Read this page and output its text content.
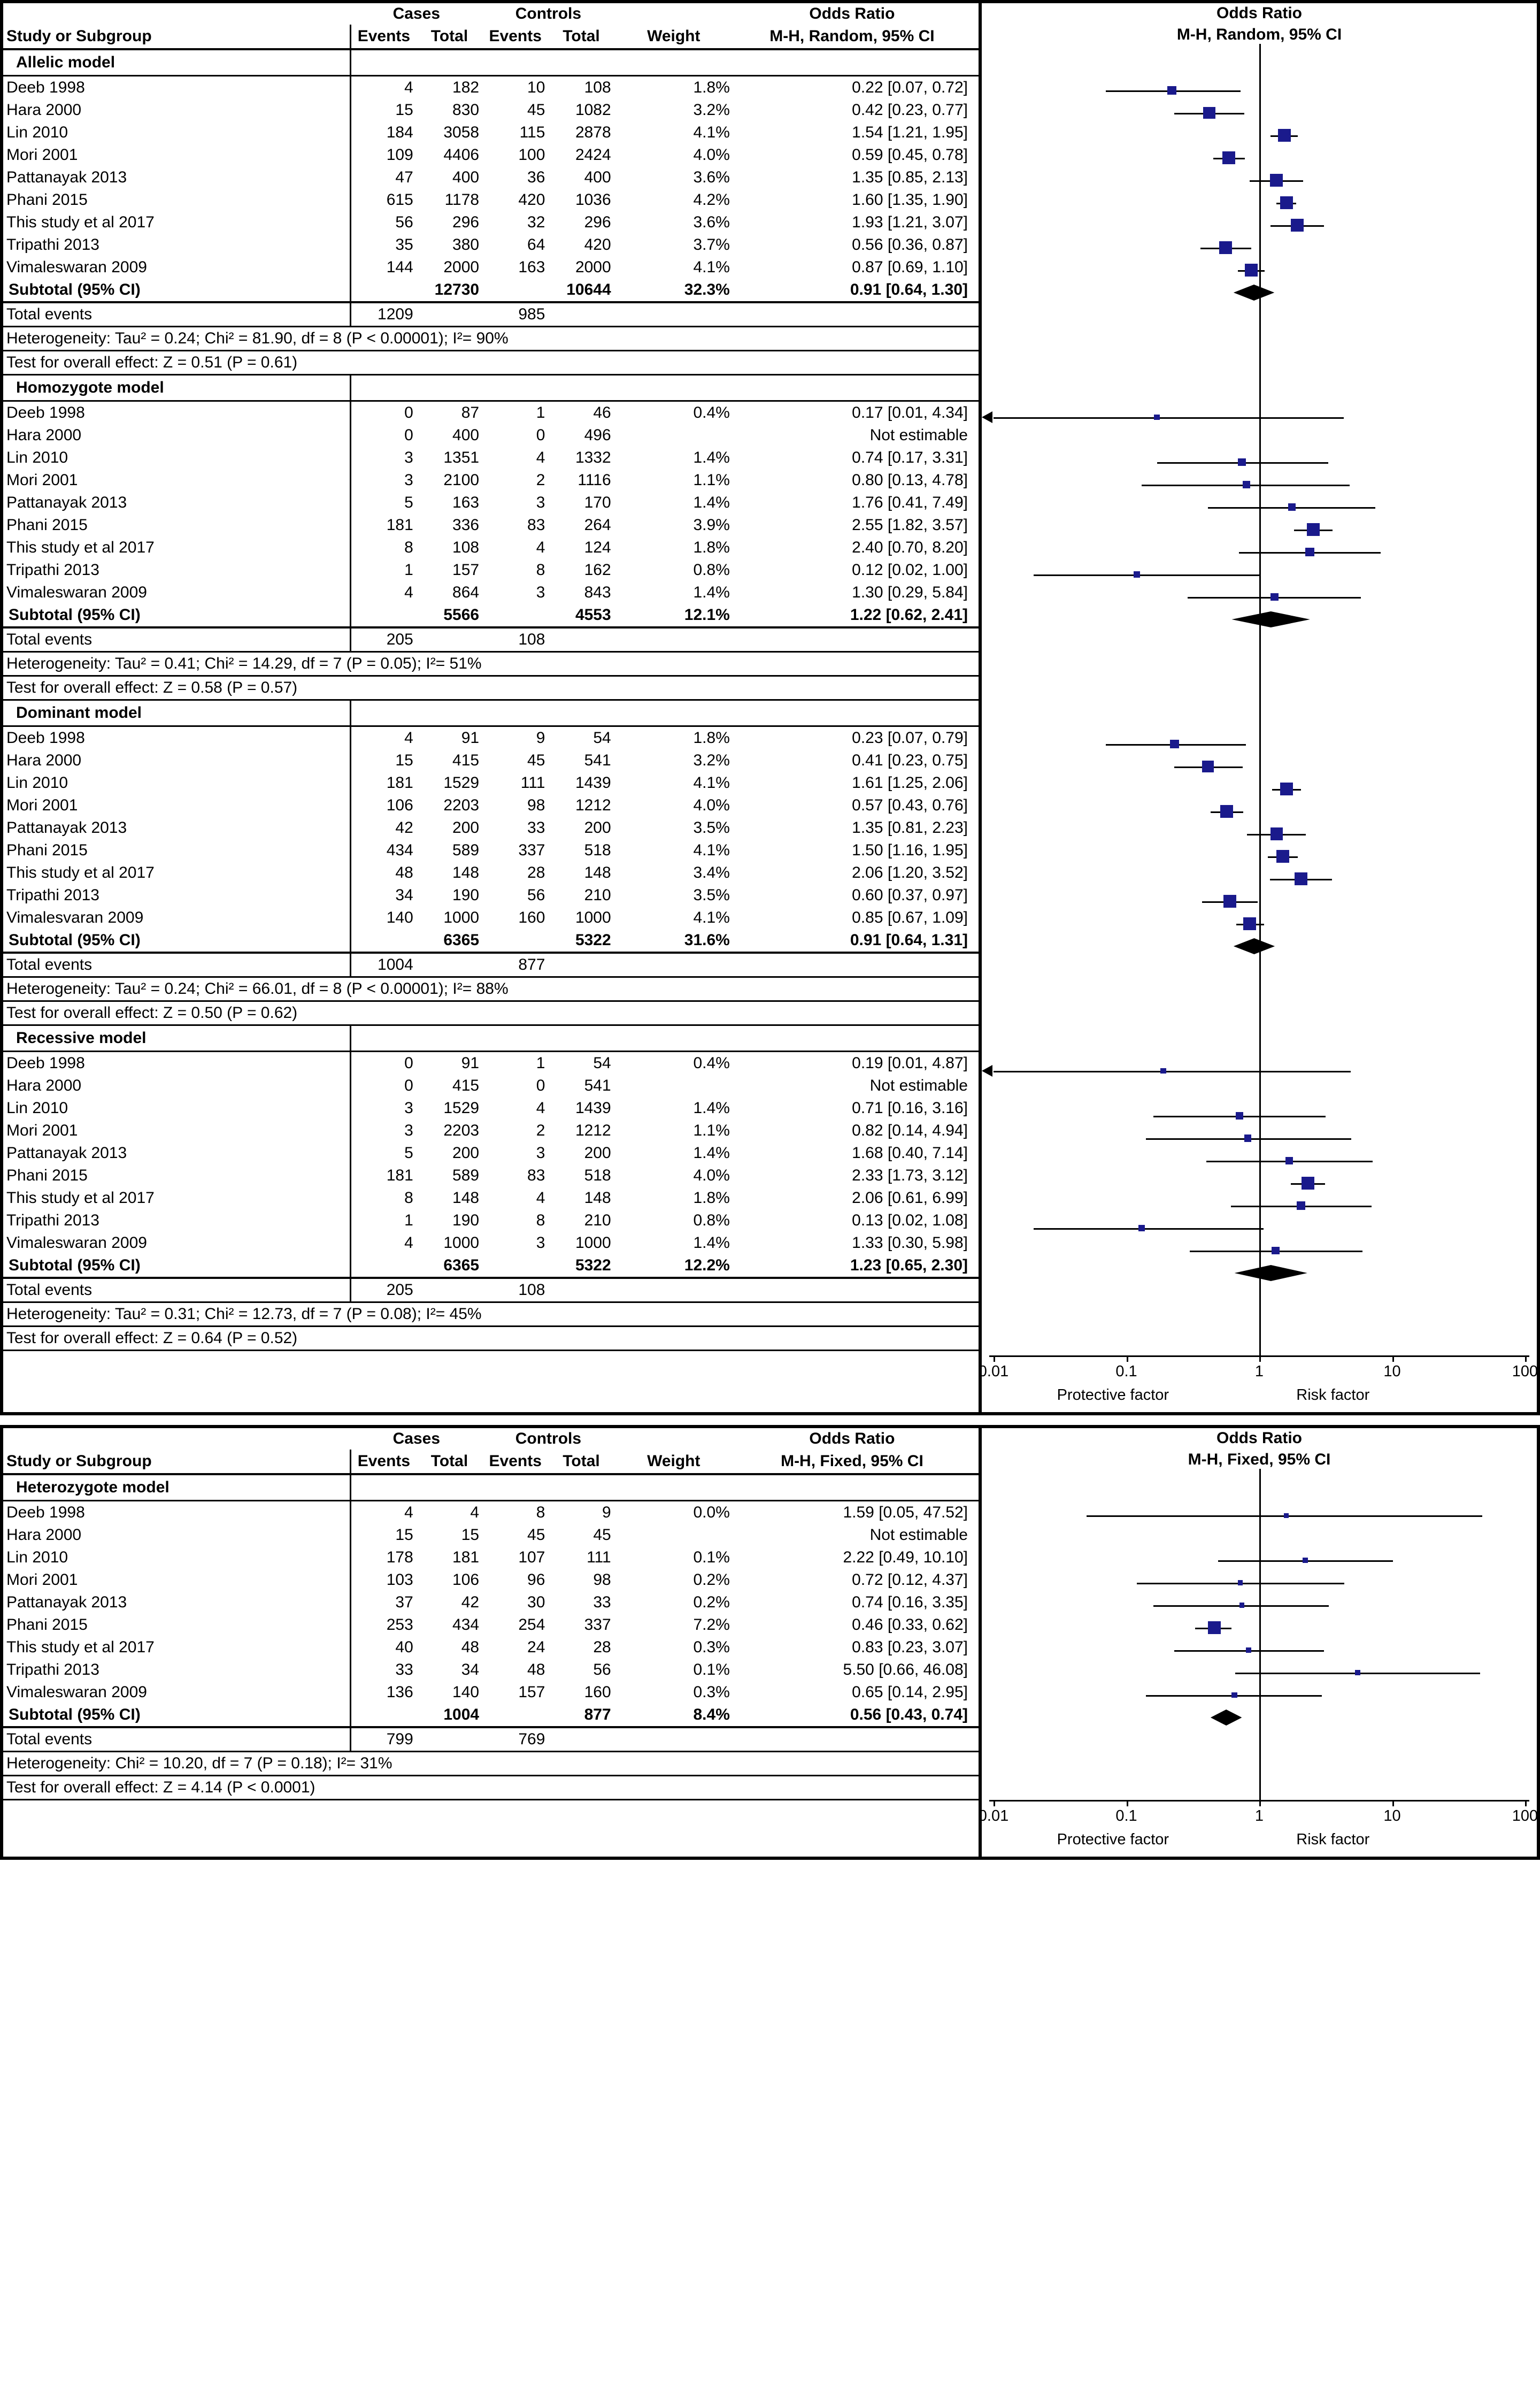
	Cases		Controls			Odds Ratio
Study or Subgroup	Events	Total	Events	Total	Weight	M-H, Random, 95% CI
Allelic model						
Deeb 1998	4	182	10	108	1.8%	0.22 [0.07, 0.72]
Hara 2000	15	830	45	1082	3.2%	0.42 [0.23, 0.77]
Lin 2010	184	3058	115	2878	4.1%	1.54 [1.21, 1.95]
Mori 2001	109	4406	100	2424	4.0%	0.59 [0.45, 0.78]
Pattanayak 2013	47	400	36	400	3.6%	1.35 [0.85, 2.13]
Phani 2015	615	1178	420	1036	4.2%	1.60 [1.35, 1.90]
This study et al 2017	56	296	32	296	3.6%	1.93 [1.21, 3.07]
Tripathi 2013	35	380	64	420	3.7%	0.56 [0.36, 0.87]
Vimaleswaran 2009	144	2000	163	2000	4.1%	0.87 [0.69, 1.10]
Subtotal (95% CI)		12730		10644	32.3%	0.91 [0.64, 1.30]
Total events	1209		985			
Heterogeneity: Tau² = 0.24; Chi² = 81.90, df = 8 (P < 0.00001); I²= 90%						
Test for overall effect: Z = 0.51 (P = 0.61)						
Homozygote model						
Deeb 1998	0	87	1	46	0.4%	0.17 [0.01, 4.34]
Hara 2000	0	400	0	496		Not estimable
Lin 2010	3	1351	4	1332	1.4%	0.74 [0.17, 3.31]
Mori 2001	3	2100	2	1116	1.1%	0.80 [0.13, 4.78]
Pattanayak 2013	5	163	3	170	1.4%	1.76 [0.41, 7.49]
Phani 2015	181	336	83	264	3.9%	2.55 [1.82, 3.57]
This study et al 2017	8	108	4	124	1.8%	2.40 [0.70, 8.20]
Tripathi 2013	1	157	8	162	0.8%	0.12 [0.02, 1.00]
Vimaleswaran 2009	4	864	3	843	1.4%	1.30 [0.29, 5.84]
Subtotal (95% CI)		5566		4553	12.1%	1.22 [0.62, 2.41]
Total events	205		108			
Heterogeneity: Tau² = 0.41; Chi² = 14.29, df = 7 (P = 0.05); I²= 51%						
Test for overall effect: Z = 0.58 (P = 0.57)						
Dominant model						
Deeb 1998	4	91	9	54	1.8%	0.23 [0.07, 0.79]
Hara 2000	15	415	45	541	3.2%	0.41 [0.23, 0.75]
Lin 2010	181	1529	111	1439	4.1%	1.61 [1.25, 2.06]
Mori 2001	106	2203	98	1212	4.0%	0.57 [0.43, 0.76]
Pattanayak 2013	42	200	33	200	3.5%	1.35 [0.81, 2.23]
Phani 2015	434	589	337	518	4.1%	1.50 [1.16, 1.95]
This study et al 2017	48	148	28	148	3.4%	2.06 [1.20, 3.52]
Tripathi 2013	34	190	56	210	3.5%	0.60 [0.37, 0.97]
Vimalesvaran 2009	140	1000	160	1000	4.1%	0.85 [0.67, 1.09]
Subtotal (95% CI)		6365		5322	31.6%	0.91 [0.64, 1.31]
Total events	1004		877			
Heterogeneity: Tau² = 0.24; Chi² = 66.01, df = 8 (P < 0.00001); I²= 88%						
Test for overall effect: Z = 0.50 (P = 0.62)						
Recessive model						
Deeb 1998	0	91	1	54	0.4%	0.19 [0.01, 4.87]
Hara 2000	0	415	0	541		Not estimable
Lin 2010	3	1529	4	1439	1.4%	0.71 [0.16, 3.16]
Mori 2001	3	2203	2	1212	1.1%	0.82 [0.14, 4.94]
Pattanayak 2013	5	200	3	200	1.4%	1.68 [0.40, 7.14]
Phani 2015	181	589	83	518	4.0%	2.33 [1.73, 3.12]
This study et al 2017	8	148	4	148	1.8%	2.06 [0.61, 6.99]
Tripathi 2013	1	190	8	210	0.8%	0.13 [0.02, 1.08]
Vimaleswaran 2009	4	1000	3	1000	1.4%	1.33 [0.30, 5.98]
Subtotal (95% CI)		6365		5322	12.2%	1.23 [0.65, 2.30]
Total events	205		108			
Heterogeneity: Tau² = 0.31; Chi² = 12.73, df = 7 (P = 0.08); I²= 45%						
Test for overall effect: Z = 0.64 (P = 0.52)						
Odds Ratio
M-H, Random, 95% CI
0.01	0.1	1	10	100
Protective factor	Risk factor
	Cases		Controls			Odds Ratio
Study or Subgroup	Events	Total	Events	Total	Weight	M-H, Fixed, 95% CI
Heterozygote model						
Deeb 1998	4	4	8	9	0.0%	1.59 [0.05, 47.52]
Hara 2000	15	15	45	45		Not estimable
Lin 2010	178	181	107	111	0.1%	2.22 [0.49, 10.10]
Mori 2001	103	106	96	98	0.2%	0.72 [0.12, 4.37]
Pattanayak 2013	37	42	30	33	0.2%	0.74 [0.16, 3.35]
Phani 2015	253	434	254	337	7.2%	0.46 [0.33, 0.62]
This study et al 2017	40	48	24	28	0.3%	0.83 [0.23, 3.07]
Tripathi 2013	33	34	48	56	0.1%	5.50 [0.66, 46.08]
Vimaleswaran 2009	136	140	157	160	0.3%	0.65 [0.14, 2.95]
Subtotal (95% CI)		1004		877	8.4%	0.56 [0.43, 0.74]
Total events	799		769			
Heterogeneity: Chi² = 10.20, df = 7 (P = 0.18); I²= 31%						
Test for overall effect: Z = 4.14 (P < 0.0001)						
Odds Ratio
M-H, Fixed, 95% CI
0.01	0.1	1	10	100
Protective factor	Risk factor
